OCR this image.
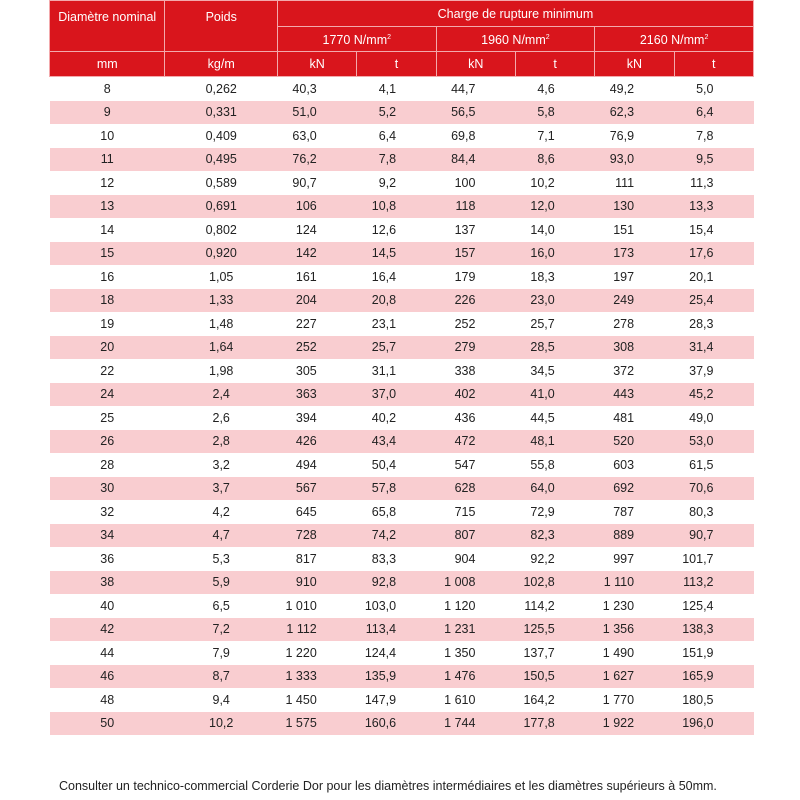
Diamètre nominal	Poids	Charge de rupture minimum					
		1770 $N/mm^2$		1960 $N/mm^2$		2160 $N/mm^2$
mm	kg/m	kN	t	kN	t	kN	t
8	0,262	40,3	4,1	44,7	4,6	49,2	5,0
9	0,331	51,0	5,2	56,5	5,8	62,3	6,4
10	0,409	63,0	6,4	69,8	7,1	76,9	7,8
11	0,495	76,2	7,8	84,4	8,6	93,0	9,5
12	0,589	90,7	9,2	100	10,2	111	11,3
13	0,691	106	10,8	118	12,0	130	13,3
14	0,802	124	12,6	137	14,0	151	15,4
15	0,920	142	14,5	157	16,0	173	17,6
16	1,05	161	16,4	179	18,3	197	20,1
18	1,33	204	20,8	226	23,0	249	25,4
19	1,48	227	23,1	252	25,7	278	28,3
20	1,64	252	25,7	279	28,5	308	31,4
22	1,98	305	31,1	338	34,5	372	37,9
24	2,4	363	37,0	402	41,0	443	45,2
25	2,6	394	40,2	436	44,5	481	49,0
26	2,8	426	43,4	472	48,1	520	53,0
28	3,2	494	50,4	547	55,8	603	61,5
30	3,7	567	57,8	628	64,0	692	70,6
32	4,2	645	65,8	715	72,9	787	80,3
34	4,7	728	74,2	807	82,3	889	90,7
36	5,3	817	83,3	904	92,2	997	101,7
38	5,9	910	92,8	1 008	102,8	1 110	113,2
40	6,5	1 010	103,0	1 120	114,2	1 230	125,4
42	7,2	1 112	113,4	1 231	125,5	1 356	138,3
44	7,9	1 220	124,4	1 350	137,7	1 490	151,9
46	8,7	1 333	135,9	1 476	150,5	1 627	165,9
48	9,4	1 450	147,9	1 610	164,2	1 770	180,5
50	10,2	1 575	160,6	1 744	177,8	1 922	196,0
Consulter un technico-commercial Corderie Dor pour les diamètres intermédiaires et les diamètres supérieurs à 50mm.
